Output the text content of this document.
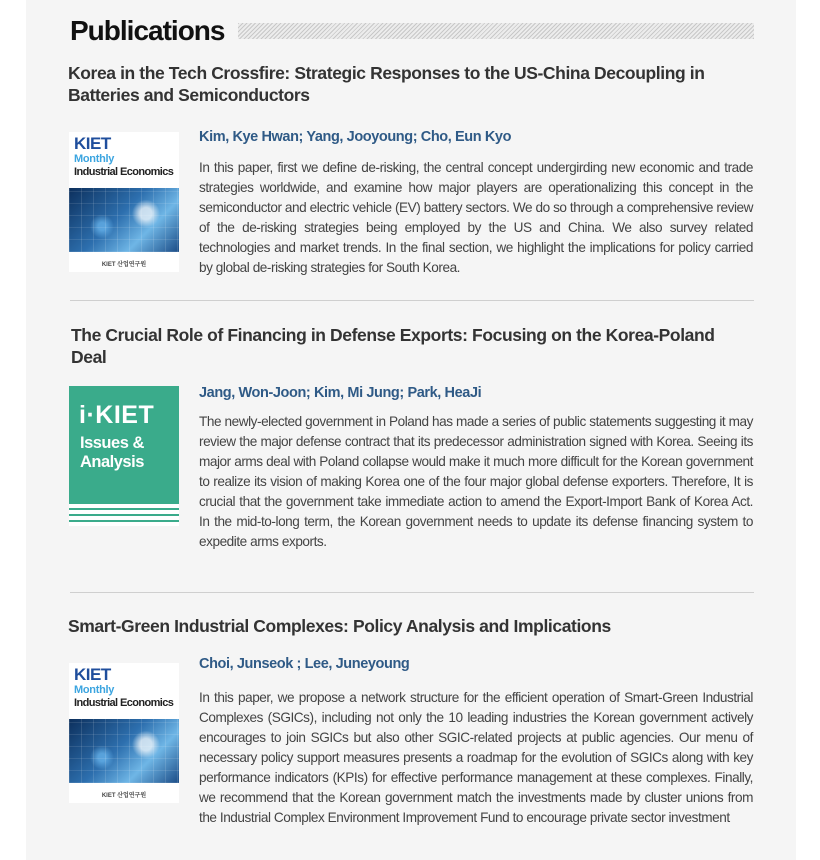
Publications
Korea in the Tech Crossfire: Strategic Responses to the US-China Decoupling in Batteries and Semiconductors
KIET
Monthly
Industrial Economics
KIET 산업연구원
Kim, Kye Hwan; Yang, Jooyoung; Cho, Eun Kyo

In this paper, first we define de-risking, the central concept undergirding new economic and trade strategies worldwide, and examine how major players are operationalizing this concept in the semiconductor and electric vehicle (EV) battery sectors. We do so through a comprehensive review of the de-risking strategies being employed by the US and China. We also survey related technologies and market trends. In the final section, we highlight the implications for policy carried by global de-risking strategies for South Korea.

The Crucial Role of Financing in Defense Exports: Focusing on the Korea-Poland Deal
i·KIET
Issues &
Analysis
Jang, Won-Joon; Kim, Mi Jung; Park, HeaJi

The newly-elected government in Poland has made a series of public statements suggesting it may review the major defense contract that its predecessor administration signed with Korea. Seeing its major arms deal with Poland collapse would make it much more difficult for the Korean government to realize its vision of making Korea one of the four major global defense exporters. Therefore, It is crucial that the government take immediate action to amend the Export-Import Bank of Korea Act. In the mid-to-long term, the Korean government needs to update its defense financing system to expedite arms exports.

Smart-Green Industrial Complexes: Policy Analysis and Implications
KIET
Monthly
Industrial Economics
KIET 산업연구원
Choi, Junseok ; Lee, Juneyoung

In this paper, we propose a network structure for the efficient operation of Smart-Green Industrial Complexes (SGICs), including not only the 10 leading industries the Korean government actively encourages to join SGICs but also other SGIC-related projects at public agencies. Our menu of necessary policy support measures presents a roadmap for the evolution of SGICs along with key performance indicators (KPIs) for effective performance management at these complexes. Finally, we recommend that the Korean government match the investments made by cluster unions from the Industrial Complex Environment Improvement Fund to encourage private sector investment
